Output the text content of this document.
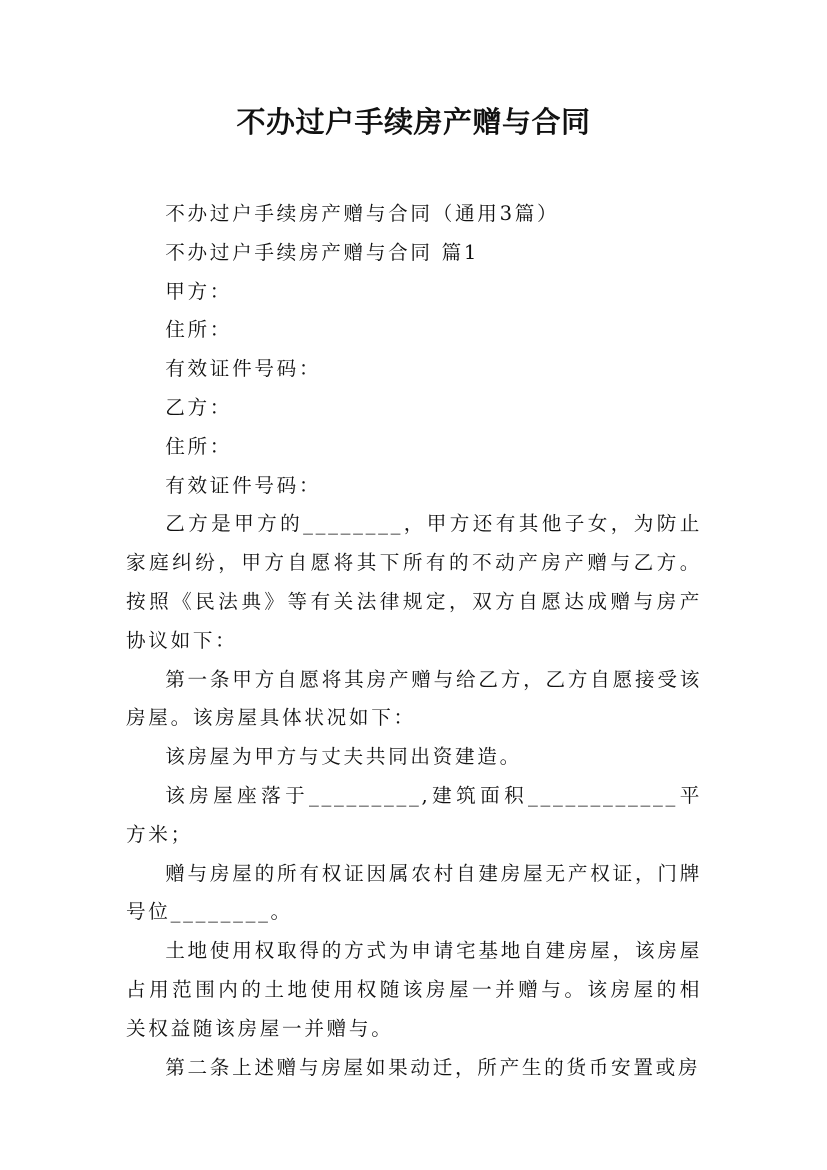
不办过户手续房产赠与合同

不办过户手续房产赠与合同（通用3篇）

不办过户手续房产赠与合同 篇1

甲方：

住所：

有效证件号码：

乙方：

住所：

有效证件号码：

乙方是甲方的________，甲方还有其他子女，为防止家庭纠纷，甲方自愿将其下所有的不动产房产赠与乙方。按照《民法典》等有关法律规定，双方自愿达成赠与房产协议如下：

第一条甲方自愿将其房产赠与给乙方，乙方自愿接受该房屋。该房屋具体状况如下：

该房屋为甲方与丈夫共同出资建造。

该房屋座落于_________,建筑面积____________平方米；

赠与房屋的所有权证因属农村自建房屋无产权证，门牌号位________。

土地使用权取得的方式为申请宅基地自建房屋，该房屋占用范围内的土地使用权随该房屋一并赠与。该房屋的相关权益随该房屋一并赠与。

第二条上述赠与房屋如果动迁，所产生的货币安置或房
